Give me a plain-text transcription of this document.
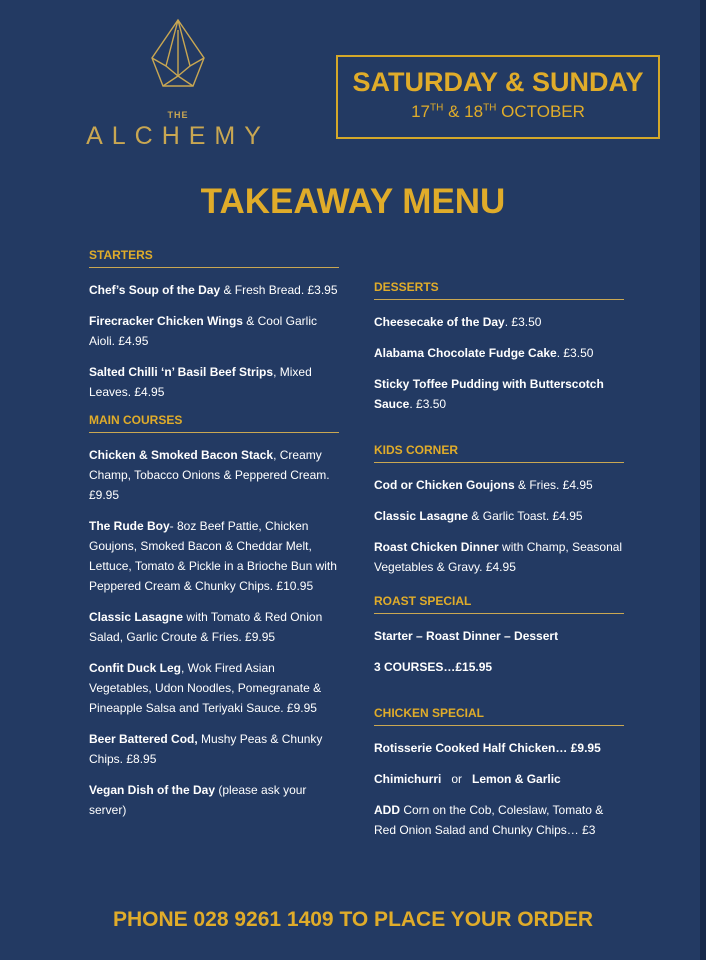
THE
ALCHEMY
SATURDAY & SUNDAY
17TH & 18TH OCTOBER
TAKEAWAY MENU
STARTERS
Chef’s Soup of the Day & Fresh Bread. £3.95
Firecracker Chicken Wings & Cool Garlic Aioli. £4.95
Salted Chilli ‘n’ Basil Beef Strips, Mixed Leaves. £4.95
MAIN COURSES
Chicken & Smoked Bacon Stack, Creamy Champ, Tobacco Onions & Peppered Cream. £9.95
The Rude Boy- 8oz Beef Pattie, Chicken Goujons, Smoked Bacon & Cheddar Melt, Lettuce, Tomato & Pickle in a Brioche Bun with Peppered Cream & Chunky Chips. £10.95
Classic Lasagne with Tomato & Red Onion Salad, Garlic Croute & Fries. £9.95
Confit Duck Leg, Wok Fired Asian Vegetables, Udon Noodles, Pomegranate & Pineapple Salsa and Teriyaki Sauce. £9.95
Beer Battered Cod, Mushy Peas & Chunky Chips. £8.95
Vegan Dish of the Day (please ask your server)
DESSERTS
Cheesecake of the Day. £3.50
Alabama Chocolate Fudge Cake. £3.50
Sticky Toffee Pudding with Butterscotch Sauce. £3.50
KIDS CORNER
Cod or Chicken Goujons & Fries. £4.95
Classic Lasagne & Garlic Toast. £4.95
Roast Chicken Dinner with Champ, Seasonal Vegetables & Gravy. £4.95
ROAST SPECIAL
Starter – Roast Dinner – Dessert
3 COURSES…£15.95
CHICKEN SPECIAL
Rotisserie Cooked Half Chicken… £9.95
Chimichurri   or   Lemon & Garlic
ADD Corn on the Cob, Coleslaw, Tomato & Red Onion Salad and Chunky Chips… £3
PHONE 028 9261 1409 TO PLACE YOUR ORDER
